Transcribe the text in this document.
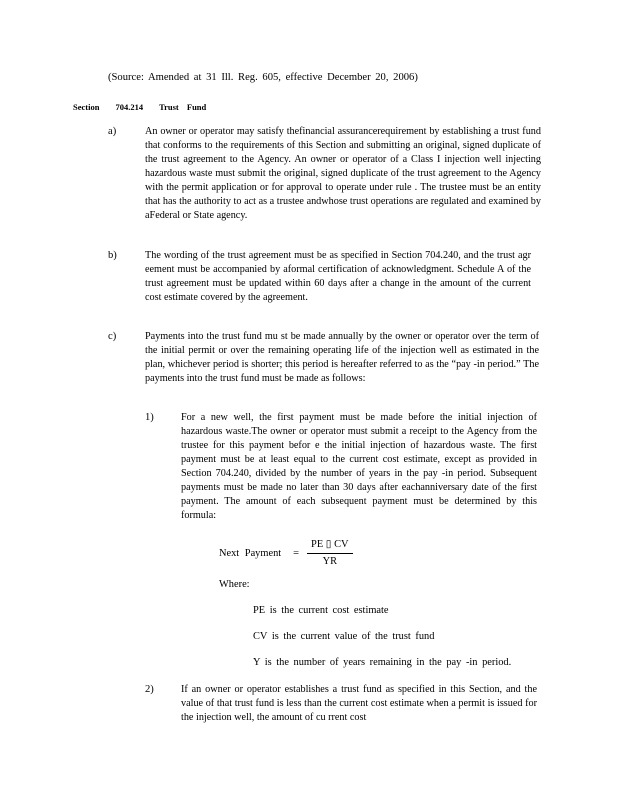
(Source: Amended at 31 Ill. Reg. 605, effective December 20, 2006)
Section 704.214 Trust Fund
a)	An owner or operator may satisfy thefinancial assurancerequirement by establishing a trust fund that conforms to the requirements of this Section and submitting an original, signed duplicate of the trust agreement to the Agency. An owner or operator of a Class I injection well injecting hazardous waste must submit the original, signed duplicate of the trust agreement to the Agency with the permit application or for approval to operate under rule . The trustee must be an entity that has the authority to act as a trustee andwhose trust operations are regulated and examined by aFederal or State agency.
b)	The wording of the trust agreement must be as specified in Section 704.240, and the trust agr eement must be accompanied by aformal certification of acknowledgment. Schedule A of the trust agreement must be updated within 60 days after a change in the amount of the current cost estimate covered by the agreement.
c)	Payments into the trust fund mu st be made annually by the owner or operator over the term of the initial permit or over the remaining operating life of the injection well as estimated in the plan, whichever period is shorter; this period is hereafter referred to as the “pay -in period.” The payments into the trust fund must be made as follows:
1)	For a new well, the first payment must be made before the initial injection of hazardous waste.The owner or operator must submit a receipt to the Agency from the trustee for this payment befor e the initial injection of hazardous waste. The first payment must be at least equal to the current cost estimate, except as provided in Section 704.240, divided by the number of years in the pay -in period. Subsequent payments must be made no later than 30 days after eachanniversary date of the first payment. The amount of each subsequent payment must be determined by this formula:
Next Payment = $\frac{PE ▯ CV}{YR}$
Where:
PE is the current cost estimate
CV is the current value of the trust fund
Y is the number of years remaining in the pay -in period.
2)	If an owner or operator establishes a trust fund as specified in this Section, and the value of that trust fund is less than the current cost estimate when a permit is issued for the injection well, the amount of cu rrent cost
